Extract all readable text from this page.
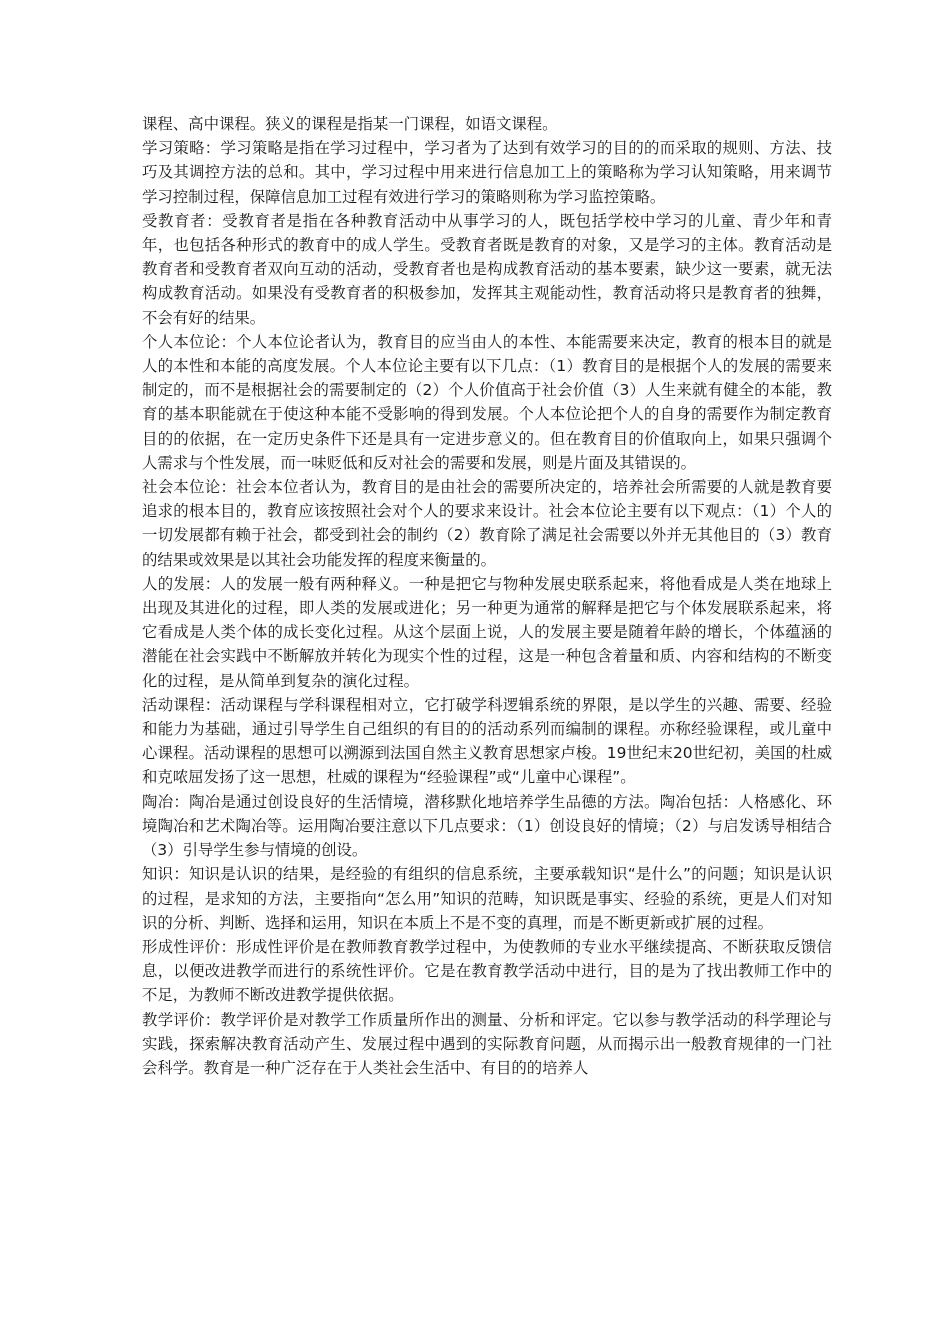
课程、高中课程。狭义的课程是指某一门课程，如语文课程。

学习策略：学习策略是指在学习过程中，学习者为了达到有效学习的目的的而采取的规则、方法、技巧及其调控方法的总和。其中，学习过程中用来进行信息加工上的策略称为学习认知策略，用来调节学习控制过程，保障信息加工过程有效进行学习的策略则称为学习监控策略。

受教育者：受教育者是指在各种教育活动中从事学习的人，既包括学校中学习的儿童、青少年和青年，也包括各种形式的教育中的成人学生。受教育者既是教育的对象，又是学习的主体。教育活动是教育者和受教育者双向互动的活动，受教育者也是构成教育活动的基本要素，缺少这一要素，就无法构成教育活动。如果没有受教育者的积极参加，发挥其主观能动性，教育活动将只是教育者的独舞，不会有好的结果。

个人本位论：个人本位论者认为，教育目的应当由人的本性、本能需要来决定，教育的根本目的就是人的本性和本能的高度发展。个人本位论主要有以下几点：（1）教育目的是根据个人的发展的需要来制定的，而不是根据社会的需要制定的（2）个人价值高于社会价值（3）人生来就有健全的本能，教育的基本职能就在于使这种本能不受影响的得到发展。个人本位论把个人的自身的需要作为制定教育目的的依据，在一定历史条件下还是具有一定进步意义的。但在教育目的价值取向上，如果只强调个人需求与个性发展，而一味贬低和反对社会的需要和发展，则是片面及其错误的。

社会本位论：社会本位者认为，教育目的是由社会的需要所决定的，培养社会所需要的人就是教育要追求的根本目的，教育应该按照社会对个人的要求来设计。社会本位论主要有以下观点：（1）个人的一切发展都有赖于社会，都受到社会的制约（2）教育除了满足社会需要以外并无其他目的（3）教育的结果或效果是以其社会功能发挥的程度来衡量的。

人的发展：人的发展一般有两种释义。一种是把它与物种发展史联系起来，将他看成是人类在地球上出现及其进化的过程，即人类的发展或进化；另一种更为通常的解释是把它与个体发展联系起来，将它看成是人类个体的成长变化过程。从这个层面上说，人的发展主要是随着年龄的增长，个体蕴涵的潜能在社会实践中不断解放并转化为现实个性的过程，这是一种包含着量和质、内容和结构的不断变化的过程，是从简单到复杂的演化过程。

活动课程：活动课程与学科课程相对立，它打破学科逻辑系统的界限，是以学生的兴趣、需要、经验和能力为基础，通过引导学生自己组织的有目的的活动系列而编制的课程。亦称经验课程，或儿童中心课程。活动课程的思想可以溯源到法国自然主义教育思想家卢梭。19世纪末20世纪初，美国的杜威和克哝屈发扬了这一思想，杜威的课程为“经验课程”或“儿童中心课程”。

陶冶：陶冶是通过创设良好的生活情境，潜移默化地培养学生品德的方法。陶冶包括：人格感化、环境陶冶和艺术陶冶等。运用陶冶要注意以下几点要求：（1）创设良好的情境；（2）与启发诱导相结合（3）引导学生参与情境的创设。

知识：知识是认识的结果，是经验的有组织的信息系统，主要承载知识“是什么”的问题；知识是认识的过程，是求知的方法，主要指向“怎么用”知识的范畴，知识既是事实、经验的系统，更是人们对知识的分析、判断、选择和运用，知识在本质上不是不变的真理，而是不断更新或扩展的过程。

形成性评价：形成性评价是在教师教育教学过程中，为使教师的专业水平继续提高、不断获取反馈信息，以便改进教学而进行的系统性评价。它是在教育教学活动中进行，目的是为了找出教师工作中的不足，为教师不断改进教学提供依据。

教学评价：教学评价是对教学工作质量所作出的测量、分析和评定。它以参与教学活动的科学理论与实践，探索解决教育活动产生、发展过程中遇到的实际教育问题，从而揭示出一般教育规律的一门社会科学。教育是一种广泛存在于人类社会生活中、有目的的培养人
